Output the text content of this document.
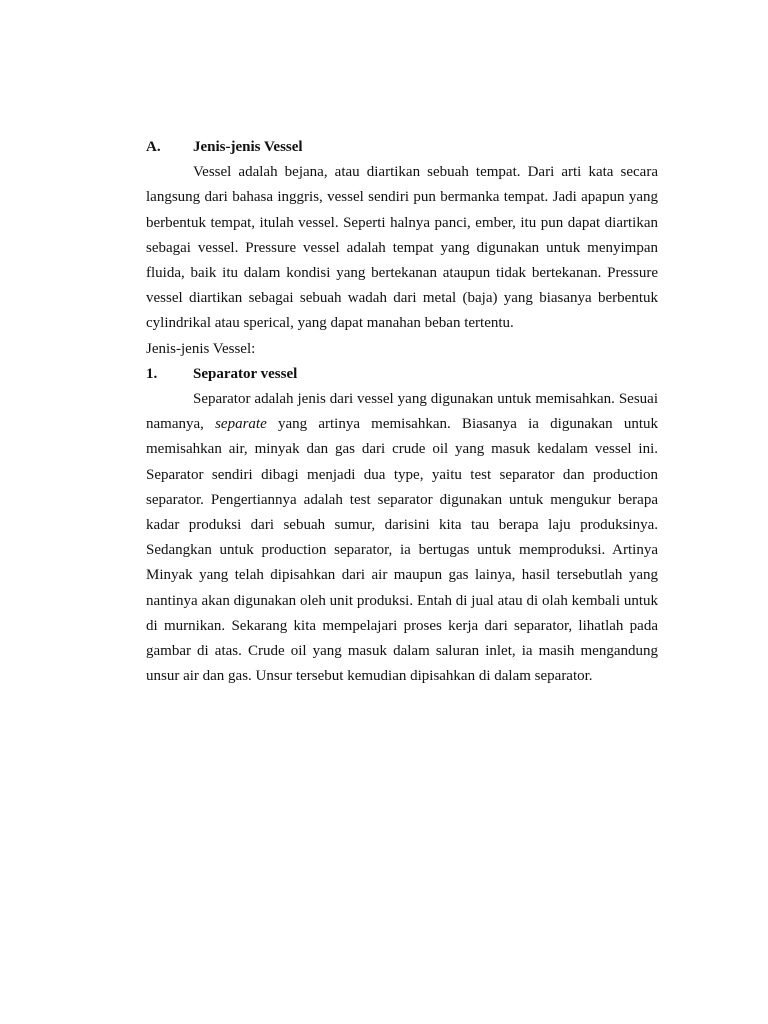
A.	Jenis-jenis Vessel

Vessel adalah bejana, atau diartikan sebuah tempat. Dari arti kata secara langsung dari bahasa inggris, vessel sendiri pun bermanka tempat. Jadi apapun yang berbentuk tempat, itulah vessel. Seperti halnya panci, ember, itu pun dapat diartikan sebagai vessel. Pressure vessel adalah tempat yang digunakan untuk menyimpan fluida, baik itu dalam kondisi yang bertekanan ataupun tidak bertekanan. Pressure vessel diartikan sebagai sebuah wadah dari metal (baja) yang biasanya berbentuk cylindrikal atau sperical, yang dapat manahan beban tertentu.

Jenis-jenis Vessel:

1.	Separator vessel

Separator adalah jenis dari vessel yang digunakan untuk memisahkan. Sesuai namanya, separate yang artinya memisahkan. Biasanya ia digunakan untuk memisahkan air, minyak dan gas dari crude oil yang masuk kedalam vessel ini. Separator sendiri dibagi menjadi dua type, yaitu test separator dan production separator. Pengertiannya adalah test separator digunakan untuk mengukur berapa kadar produksi dari sebuah sumur, darisini kita tau berapa laju produksinya. Sedangkan untuk production separator, ia bertugas untuk memproduksi. Artinya Minyak yang telah dipisahkan dari air maupun gas lainya, hasil tersebutlah yang nantinya akan digunakan oleh unit produksi. Entah di jual atau di olah kembali untuk di murnikan. Sekarang kita mempelajari proses kerja dari separator, lihatlah pada gambar di atas. Crude oil yang masuk dalam saluran inlet, ia masih mengandung unsur air dan gas. Unsur tersebut kemudian dipisahkan di dalam separator.
